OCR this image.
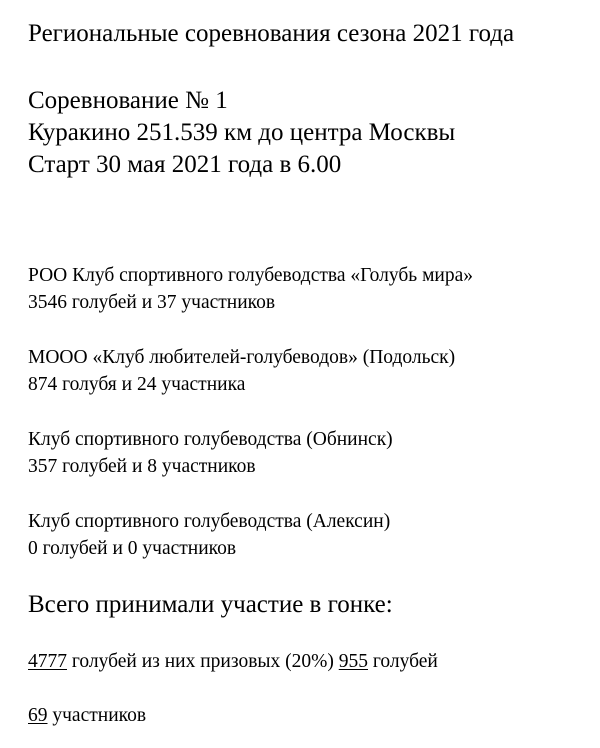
Региональные соревнования сезона 2021 года

Соревнование № 1

Куракино 251.539 км до центра Москвы

Старт 30 мая 2021 года в 6.00

РОО Клуб спортивного голубеводства «Голубь мира»

3546 голубей и 37 участников

МООО «Клуб любителей-голубеводов» (Подольск)

874 голубя и 24 участника

Клуб спортивного голубеводства (Обнинск)

357 голубей и 8 участников

Клуб спортивного голубеводства (Алексин)

0 голубей и 0 участников

Всего принимали участие в гонке:

4777 голубей из них призовых (20%) 955 голубей

69 участников
